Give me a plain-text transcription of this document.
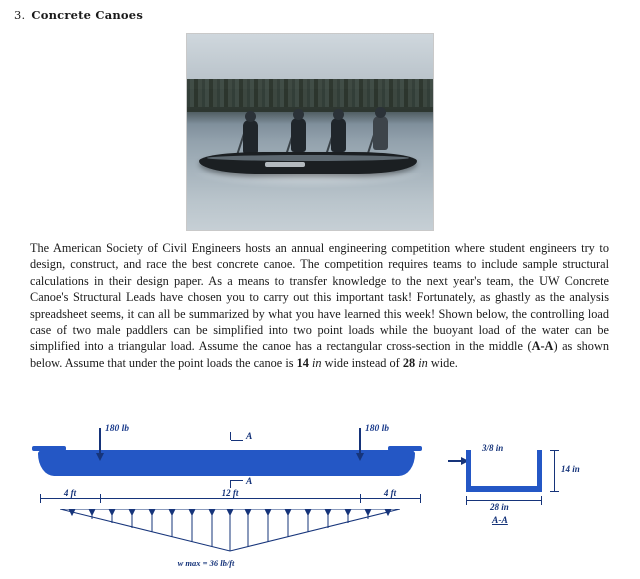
3. Concrete Canoes
The American Society of Civil Engineers hosts an annual engineering competition where student engineers try to design, construct, and race the best concrete canoe. The competition requires teams to include sample structural calculations in their design paper. As a means to transfer knowledge to the next year's team, the UW Concrete Canoe's Structural Leads have chosen you to carry out this important task! Fortunately, as ghastly as the analysis spreadsheet seems, it can all be summarized by what you have learned this week! Shown below, the controlling load case of two male paddlers can be simplified into two point loads while the buoyant load of the water can be simplified into a triangular load. Assume the canoe has a rectangular cross-section in the middle (A-A) as shown below. Assume that under the point loads the canoe is 14 in wide instead of 28 in wide.
180 lb	180 lb
A
A
4 ft	12 ft	4 ft
w max = 36 lb/ft
3/8 in
14 in
28 in
A-A
